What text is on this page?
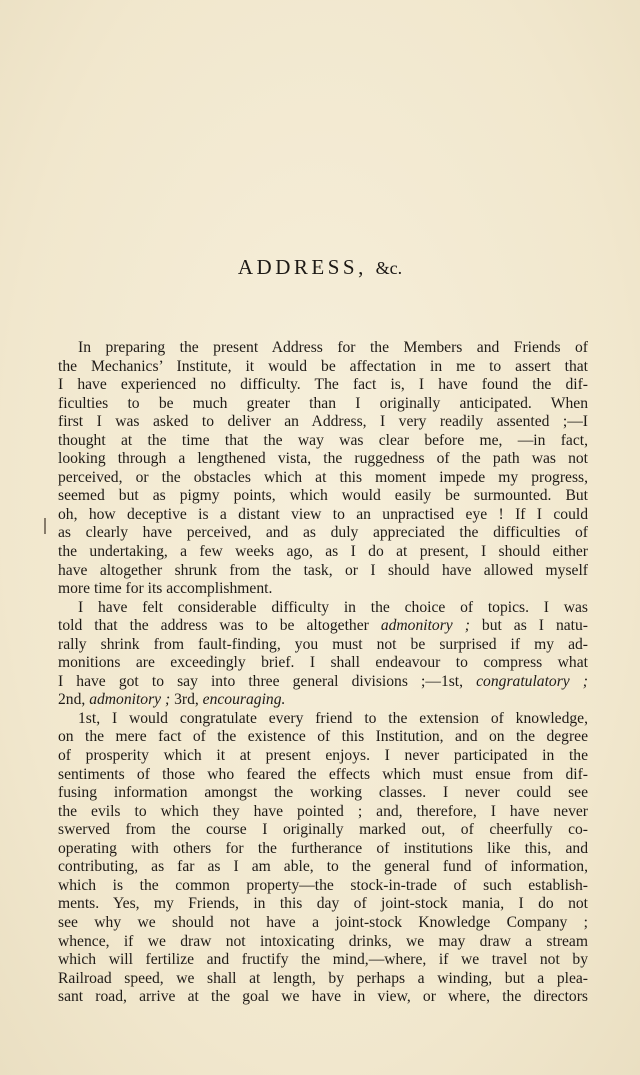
ADDRESS, &c.
In preparing the present Address for the Members and Friends of
the Mechanics’ Institute, it would be affectation in me to assert that
I have experienced no difficulty. The fact is, I have found the dif-
ficulties to be much greater than I originally anticipated. When
first I was asked to deliver an Address, I very readily assented ;—I
thought at the time that the way was clear before me, —in fact,
looking through a lengthened vista, the ruggedness of the path was not
perceived, or the obstacles which at this moment impede my progress,
seemed but as pigmy points, which would easily be surmounted. But
oh, how deceptive is a distant view to an unpractised eye ! If I could
as clearly have perceived, and as duly appreciated the difficulties of
the undertaking, a few weeks ago, as I do at present, I should either
have altogether shrunk from the task, or I should have allowed myself
more time for its accomplishment.
I have felt considerable difficulty in the choice of topics. I was
told that the address was to be altogether admonitory ; but as I natu-
rally shrink from fault-finding, you must not be surprised if my ad-
monitions are exceedingly brief. I shall endeavour to compress what
I have got to say into three general divisions ;—1st, congratulatory ;
2nd, admonitory ; 3rd, encouraging.
1st, I would congratulate every friend to the extension of knowledge,
on the mere fact of the existence of this Institution, and on the degree
of prosperity which it at present enjoys. I never participated in the
sentiments of those who feared the effects which must ensue from dif-
fusing information amongst the working classes. I never could see
the evils to which they have pointed ; and, therefore, I have never
swerved from the course I originally marked out, of cheerfully co-
operating with others for the furtherance of institutions like this, and
contributing, as far as I am able, to the general fund of information,
which is the common property—the stock-in-trade of such establish-
ments. Yes, my Friends, in this day of joint-stock mania, I do not
see why we should not have a joint-stock Knowledge Company ;
whence, if we draw not intoxicating drinks, we may draw a stream
which will fertilize and fructify the mind,—where, if we travel not by
Railroad speed, we shall at length, by perhaps a winding, but a plea-
sant road, arrive at the goal we have in view, or where, the directors
